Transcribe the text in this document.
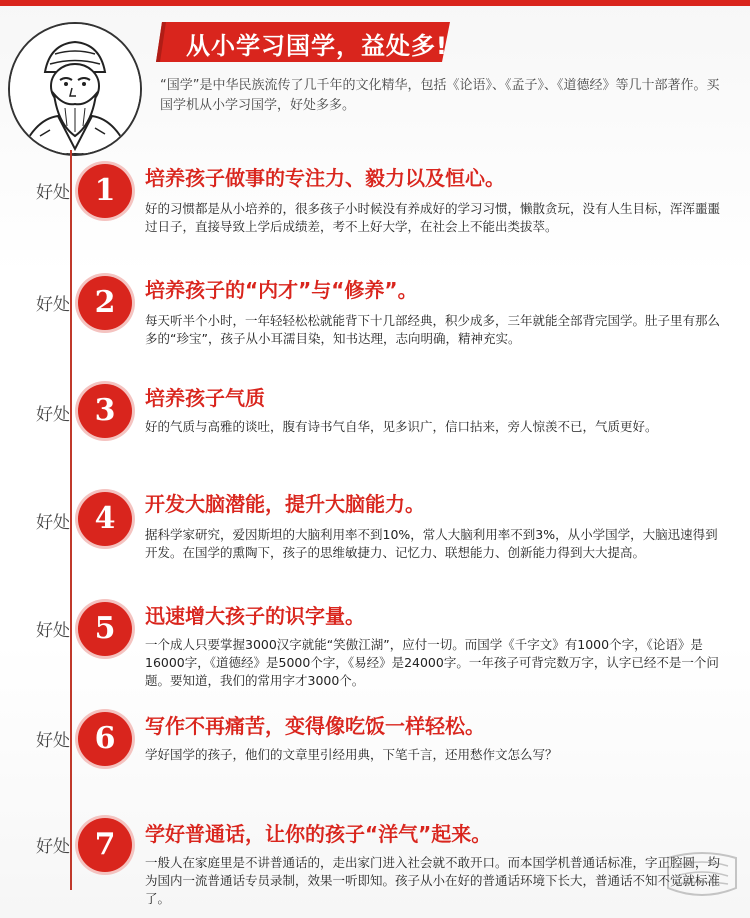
从小学习国学，益处多!
“国学”是中华民族流传了几千年的文化精华，包括《论语》、《孟子》、《道德经》等几十部著作。买国学机从小学习国学，好处多多。
好处 1	培养孩子做事的专注力、毅力以及恒心。
好的习惯都是从小培养的，很多孩子小时候没有养成好的学习习惯，懒散贪玩，没有人生目标，浑浑噩噩过日子，直接导致上学后成绩差，考不上好大学，在社会上不能出类拔萃。
好处 2	培养孩子的“内才”与“修养”。
每天听半个小时，一年轻轻松松就能背下十几部经典，积少成多，三年就能全部背完国学。肚子里有那么多的“珍宝”，孩子从小耳濡目染，知书达理，志向明确，精神充实。
好处 3	培养孩子气质
好的气质与高雅的谈吐，腹有诗书气自华，见多识广，信口拈来，旁人惊羡不已，气质更好。
好处 4	开发大脑潜能，提升大脑能力。
据科学家研究，爱因斯坦的大脑利用率不到10%，常人大脑利用率不到3%，从小学国学，大脑迅速得到开发。在国学的熏陶下，孩子的思维敏捷力、记忆力、联想能力、创新能力得到大大提高。
好处 5	迅速增大孩子的识字量。
一个成人只要掌握3000汉字就能“笑傲江湖”，应付一切。而国学《千字文》有1000个字，《论语》是16000字，《道德经》是5000个字，《易经》是24000字。一年孩子可背完数万字，认字已经不是一个问题。要知道，我们的常用字才3000个。
好处 6	写作不再痛苦，变得像吃饭一样轻松。
学好国学的孩子，他们的文章里引经用典，下笔千言，还用愁作文怎么写？
好处 7	学好普通话，让你的孩子“洋气”起来。
一般人在家庭里是不讲普通话的，走出家门进入社会就不敢开口。而本国学机普通话标准，字正腔圆，均为国内一流普通话专员录制，效果一听即知。孩子从小在好的普通话环境下长大，普通话不知不觉就标准了。
